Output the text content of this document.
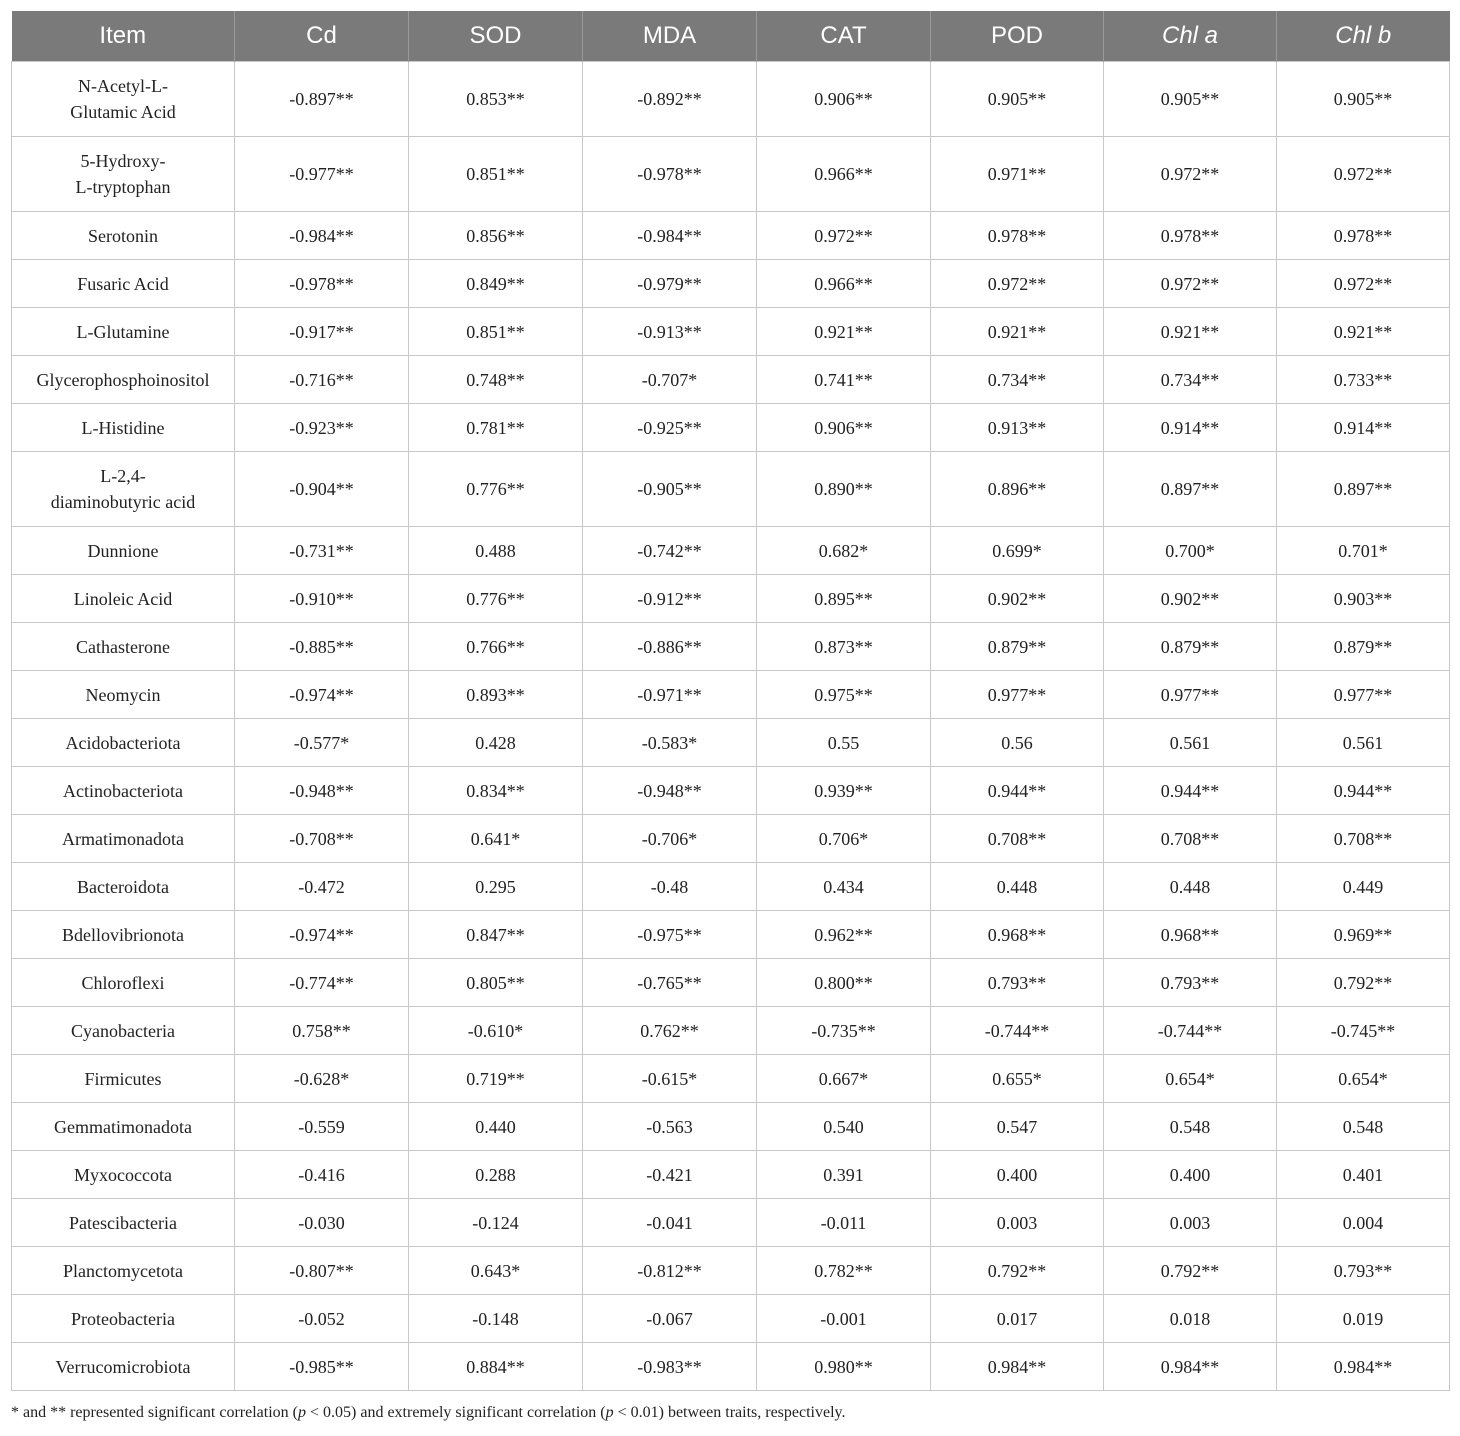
Item	Cd	SOD	MDA	CAT	POD	Chl a	Chl b
N-Acetyl-L-
Glutamic Acid	-0.897**	0.853**	-0.892**	0.906**	0.905**	0.905**	0.905**
5-Hydroxy-
L-tryptophan	-0.977**	0.851**	-0.978**	0.966**	0.971**	0.972**	0.972**
Serotonin	-0.984**	0.856**	-0.984**	0.972**	0.978**	0.978**	0.978**
Fusaric Acid	-0.978**	0.849**	-0.979**	0.966**	0.972**	0.972**	0.972**
L-Glutamine	-0.917**	0.851**	-0.913**	0.921**	0.921**	0.921**	0.921**
Glycerophosphoinositol	-0.716**	0.748**	-0.707*	0.741**	0.734**	0.734**	0.733**
L-Histidine	-0.923**	0.781**	-0.925**	0.906**	0.913**	0.914**	0.914**
L-2,4-
diaminobutyric acid	-0.904**	0.776**	-0.905**	0.890**	0.896**	0.897**	0.897**
Dunnione	-0.731**	0.488	-0.742**	0.682*	0.699*	0.700*	0.701*
Linoleic Acid	-0.910**	0.776**	-0.912**	0.895**	0.902**	0.902**	0.903**
Cathasterone	-0.885**	0.766**	-0.886**	0.873**	0.879**	0.879**	0.879**
Neomycin	-0.974**	0.893**	-0.971**	0.975**	0.977**	0.977**	0.977**
Acidobacteriota	-0.577*	0.428	-0.583*	0.55	0.56	0.561	0.561
Actinobacteriota	-0.948**	0.834**	-0.948**	0.939**	0.944**	0.944**	0.944**
Armatimonadota	-0.708**	0.641*	-0.706*	0.706*	0.708**	0.708**	0.708**
Bacteroidota	-0.472	0.295	-0.48	0.434	0.448	0.448	0.449
Bdellovibrionota	-0.974**	0.847**	-0.975**	0.962**	0.968**	0.968**	0.969**
Chloroflexi	-0.774**	0.805**	-0.765**	0.800**	0.793**	0.793**	0.792**
Cyanobacteria	0.758**	-0.610*	0.762**	-0.735**	-0.744**	-0.744**	-0.745**
Firmicutes	-0.628*	0.719**	-0.615*	0.667*	0.655*	0.654*	0.654*
Gemmatimonadota	-0.559	0.440	-0.563	0.540	0.547	0.548	0.548
Myxococcota	-0.416	0.288	-0.421	0.391	0.400	0.400	0.401
Patescibacteria	-0.030	-0.124	-0.041	-0.011	0.003	0.003	0.004
Planctomycetota	-0.807**	0.643*	-0.812**	0.782**	0.792**	0.792**	0.793**
Proteobacteria	-0.052	-0.148	-0.067	-0.001	0.017	0.018	0.019
Verrucomicrobiota	-0.985**	0.884**	-0.983**	0.980**	0.984**	0.984**	0.984**
* and ** represented significant correlation (p < 0.05) and extremely significant correlation (p < 0.01) between traits, respectively.
